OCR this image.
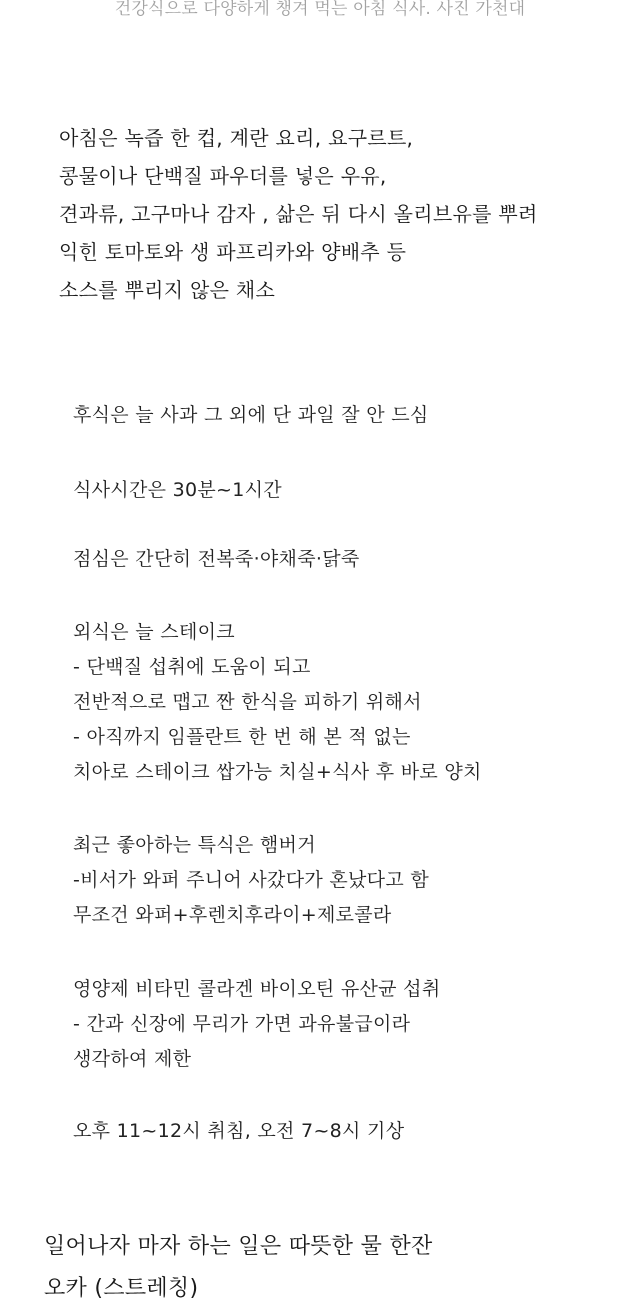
건강식으로 다양하게 챙겨 먹는 아침 식사. 사진 가천대
아침은 녹즙 한 컵, 계란 요리, 요구르트,
콩물이나 단백질 파우더를 넣은 우유,
견과류, 고구마나 감자 , 삶은 뒤 다시 올리브유를 뿌려
익힌 토마토와 생 파프리카와 양배추 등
소스를 뿌리지 않은 채소
후식은 늘 사과 그 외에 단 과일 잘 안 드심
식사시간은 30분~1시간
점심은 간단히 전복죽·야채죽·닭죽
외식은 늘 스테이크
- 단백질 섭취에 도움이 되고
전반적으로 맵고 짠 한식을 피하기 위해서
- 아직까지 임플란트 한 번 해 본 적 없는
치아로 스테이크 쌉가능 치실+식사 후 바로 양치
최근 좋아하는 특식은 햄버거
-비서가 와퍼 주니어 사갔다가 혼났다고 함
무조건 와퍼+후렌치후라이+제로콜라
영양제 비타민 콜라겐 바이오틴 유산균 섭취
- 간과 신장에 무리가 가면 과유불급이라
생각하여 제한
오후 11~12시 취침, 오전 7~8시 기상
일어나자 마자 하는 일은 따뜻한 물 한잔
오카 (스트레칭)
